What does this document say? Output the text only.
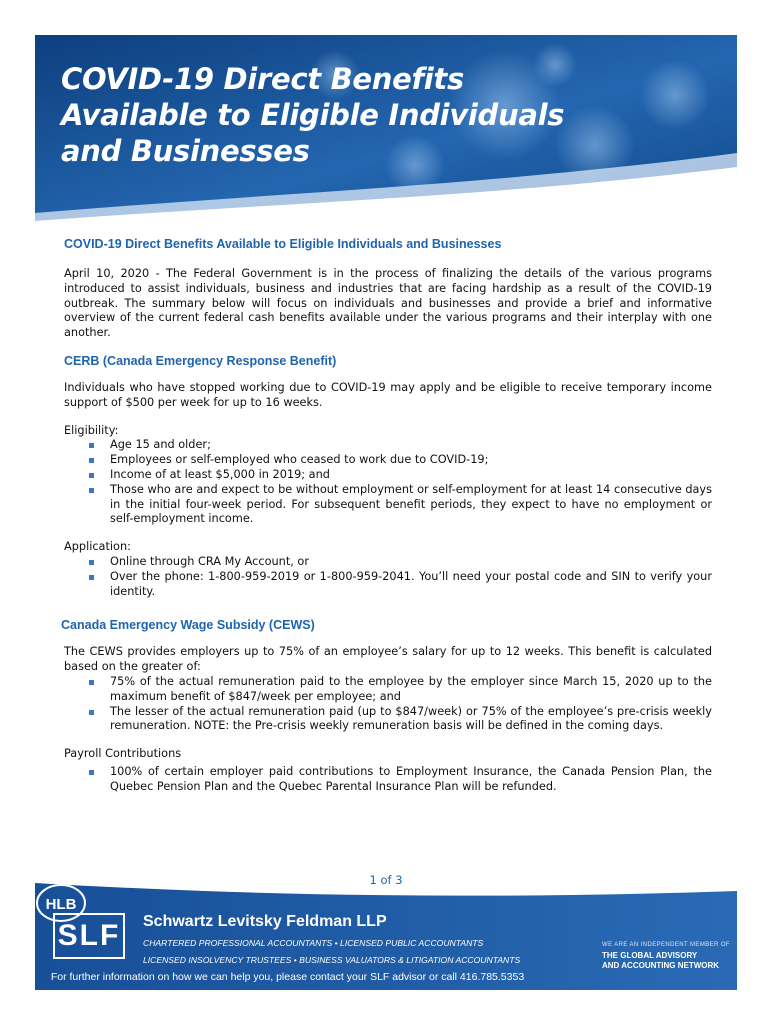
COVID-19 Direct Benefits
Available to Eligible Individuals
and Businesses
COVID-19 Direct Benefits Available to Eligible Individuals and Businesses

April 10, 2020 - The Federal Government is in the process of finalizing the details of the various programs introduced to assist individuals, business and industries that are facing hardship as a result of the COVID-19 outbreak. The summary below will focus on individuals and businesses and provide a brief and informative overview of the current federal cash benefits available under the various programs and their interplay with one another.

CERB (Canada Emergency Response Benefit)

Individuals who have stopped working due to COVID-19 may apply and be eligible to receive temporary income support of $500 per week for up to 16 weeks.

Eligibility:

Age 15 and older;
Employees or self-employed who ceased to work due to COVID-19;
Income of at least $5,000 in 2019; and
Those who are and expect to be without employment or self-employment for at least 14 consecutive days in the initial four-week period. For subsequent benefit periods, they expect to have no employment or self-employment income.

Application:

Online through CRA My Account, or
Over the phone: 1-800-959-2019 or 1-800-959-2041. You’ll need your postal code and SIN to verify your identity.
Canada Emergency Wage Subsidy (CEWS)

The CEWS provides employers up to 75% of an employee’s salary for up to 12 weeks. This benefit is calculated based on the greater of:

75% of the actual remuneration paid to the employee by the employer since March 15, 2020 up to the maximum benefit of $847/week per employee; and
The lesser of the actual remuneration paid (up to $847/week) or 75% of the employee’s pre-crisis weekly remuneration. NOTE: the Pre-crisis weekly remuneration basis will be defined in the coming days.

Payroll Contributions

100% of certain employer paid contributions to Employment Insurance, the Canada Pension Plan, the Quebec Pension Plan and the Quebec Parental Insurance Plan will be refunded.
1 of 3
SLF Schwartz Levitsky Feldman LLP
CHARTERED PROFESSIONAL ACCOUNTANTS • LICENSED PUBLIC ACCOUNTANTS
LICENSED INSOLVENCY TRUSTEES • BUSINESS VALUATORS & LITIGATION ACCOUNTANTS
For further information on how we can help you, please contact your SLF advisor or call 416.785.5353
HLB
WE ARE AN INDEPENDENT MEMBER OF
THE GLOBAL ADVISORY
AND ACCOUNTING NETWORK
